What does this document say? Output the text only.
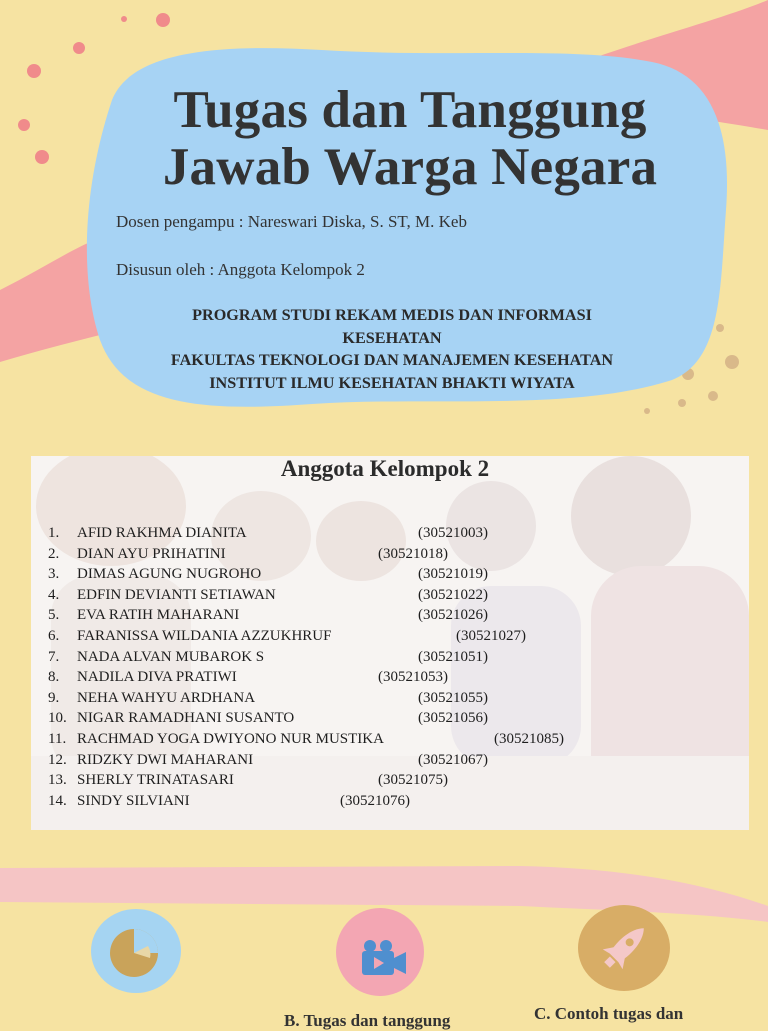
Tugas dan Tanggung
Jawab Warga Negara
Dosen pengampu : Nareswari Diska, S. ST, M. Keb
Disusun oleh : Anggota Kelompok 2
PROGRAM STUDI REKAM MEDIS DAN INFORMASI
KESEHATAN
FAKULTAS TEKNOLOGI DAN MANAJEMEN KESEHATAN
INSTITUT ILMU KESEHATAN BHAKTI WIYATA
Anggota Kelompok 2
1. AFID RAKHMA DIANITA	(30521003)
2. DIAN AYU PRIHATINI	(30521018)
3. DIMAS AGUNG NUGROHO	(30521019)
4. EDFIN DEVIANTI SETIAWAN	(30521022)
5. EVA RATIH MAHARANI	(30521026)
6. FARANISSA WILDANIA AZZUKHRUF	(30521027)
7. NADA ALVAN MUBAROK S	(30521051)
8. NADILA DIVA PRATIWI	(30521053)
9. NEHA WAHYU ARDHANA	(30521055)
10. NIGAR RAMADHANI SUSANTO	(30521056)
11. RACHMAD YOGA DWIYONO NUR MUSTIKA	(30521085)
12. RIDZKY DWI MAHARANI	(30521067)
13. SHERLY TRINATASARI	(30521075)
14. SINDY SILVIANI	(30521076)
B. Tugas dan tanggung	C. Contoh tugas dan
